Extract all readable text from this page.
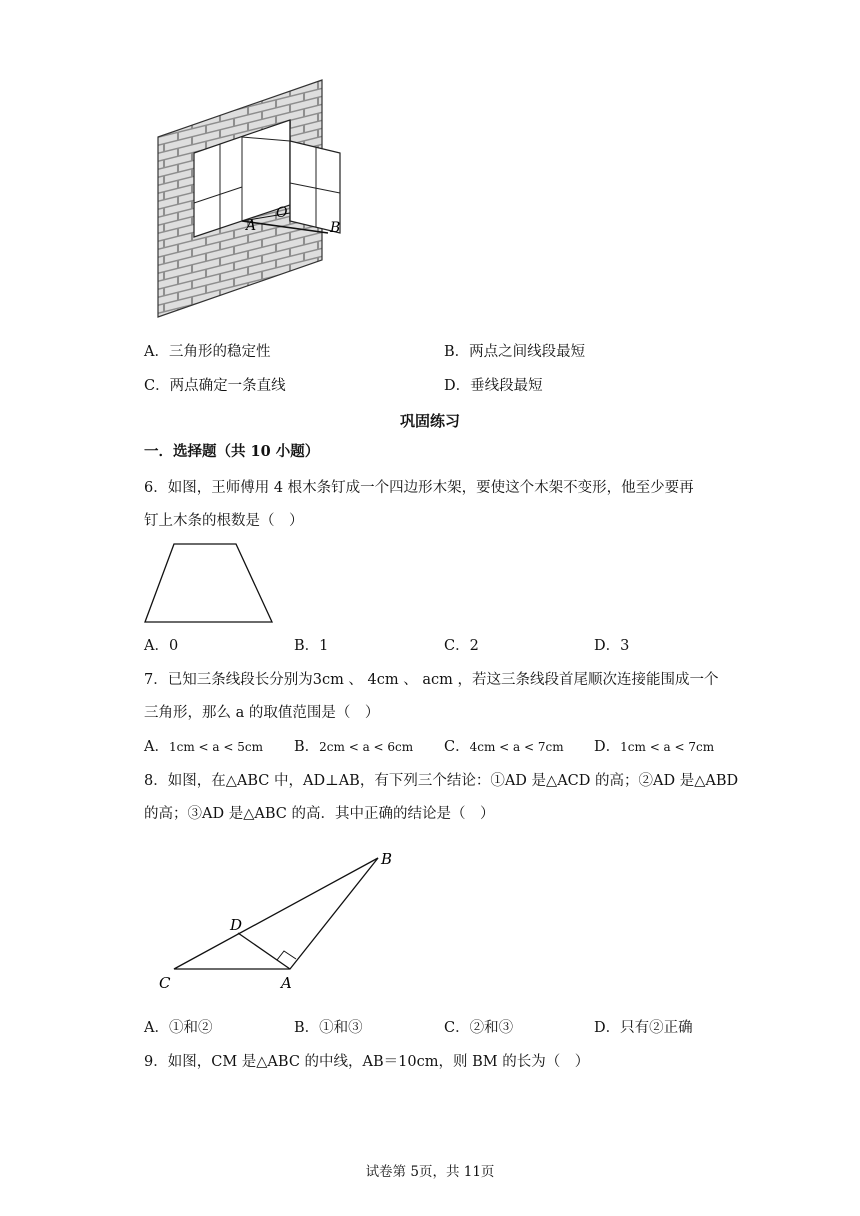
A
O
B
A．三角形的稳定性	B．两点之间线段最短
C．两点确定一条直线	D．垂线段最短
巩固练习
一．选择题（共 10 小题）
6．如图，王师傅用 4 根木条钉成一个四边形木架，要使这个木架不变形，他至少要再
钉上木条的根数是（　）
A．0	B．1	C．2	D．3
7．已知三条线段长分别为3cm 、 4cm 、 acm ，若这三条线段首尾顺次连接能围成一个
三角形，那么 a 的取值范围是（　）
A．1cm < a < 5cm B．2cm < a < 6cm C．4cm < a < 7cm D．1cm < a < 7cm
8．如图，在△ABC 中，AD⊥AB，有下列三个结论：①AD 是△ACD 的高；②AD 是△ABD
的高；③AD 是△ABC 的高．其中正确的结论是（　）
B
D
C	A
A．①和②	B．①和③	C．②和③	D．只有②正确
9．如图，CM 是△ABC 的中线，AB＝10cm，则 BM 的长为（　）
试卷第 5页，共 11页
